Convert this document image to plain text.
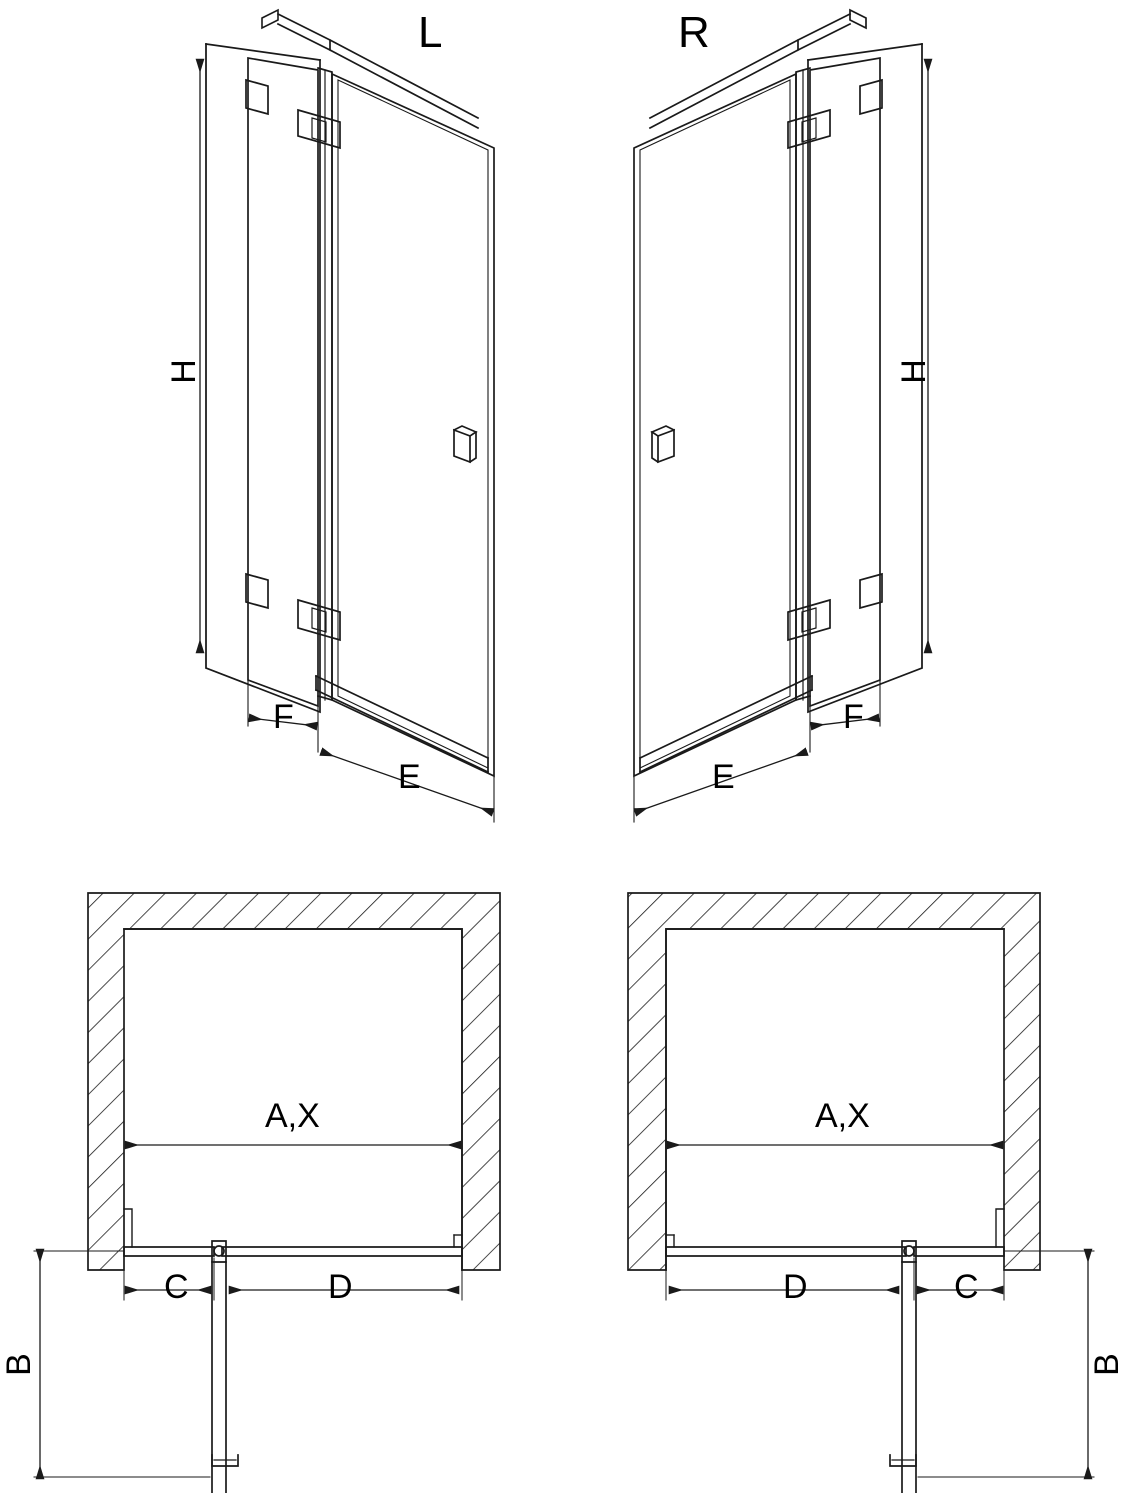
L	R
H	H
F	F
E	E
A,X	A,X
C	D	D	C
B	B
